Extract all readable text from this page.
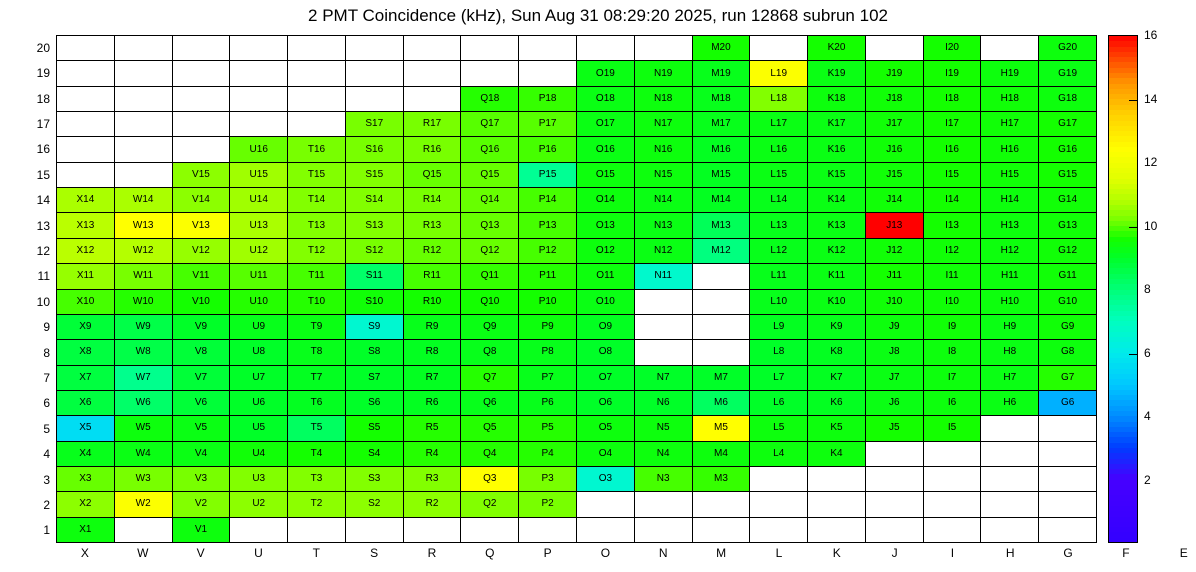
2 PMT Coincidence (kHz), Sun Aug 31 08:29:20 2025, run 12868 subrun 102
20
19
18
17
16
15
14
13
12
11
10
9
8
7
6
5
4
3
2
1
M20	K20	I20	G20
O19	N19	M19	L19	K19	J19	I19	H19	G19
Q18	P18	O18	N18	M18	L18	K18	J18	I18	H18	G18
S17	R17	Q17	P17	O17	N17	M17	L17	K17	J17	I17	H17	G17
U16	T16	S16	R16	Q16	P16	O16	N16	M16	L16	K16	J16	I16	H16	G16
V15	U15	T15	S15	Q15	Q15	P15	O15	N15	M15	L15	K15	J15	I15	H15	G15
X14	W14	V14	U14	T14	S14	R14	Q14	P14	O14	N14	M14	L14	K14	J14	I14	H14	G14
X13	W13	V13	U13	T13	S13	R13	Q13	P13	O13	N13	M13	L13	K13	J13	I13	H13	G13
X12	W12	V12	U12	T12	S12	R12	Q12	P12	O12	N12	M12	L12	K12	J12	I12	H12	G12
X11	W11	V11	U11	T11	S11	R11	Q11	P11	O11	N11	L11	K11	J11	I11	H11	G11
X10	W10	V10	U10	T10	S10	R10	Q10	P10	O10	L10	K10	J10	I10	H10	G10
X9	W9	V9	U9	T9	S9	R9	Q9	P9	O9	L9	K9	J9	I9	H9	G9
X8	W8	V8	U8	T8	S8	R8	Q8	P8	O8	L8	K8	J8	I8	H8	G8
X7	W7	V7	U7	T7	S7	R7	Q7	P7	O7	N7	M7	L7	K7	J7	I7	H7	G7
X6	W6	V6	U6	T6	S6	R6	Q6	P6	O6	N6	M6	L6	K6	J6	I6	H6	G6
X5	W5	V5	U5	T5	S5	R5	Q5	P5	O5	N5	M5	L5	K5	J5	I5
X4	W4	V4	U4	T4	S4	R4	Q4	P4	O4	N4	M4	L4	K4
X3	W3	V3	U3	T3	S3	R3	Q3	P3	O3	N3	M3
X2	W2	V2	U2	T2	S2	R2	Q2	P2
X1	V1
X	W	V	U	T	S	R	Q	P	O	N	M	L	K	J	I	H	G	F	E
2
4
6
8
10
12
14
16
